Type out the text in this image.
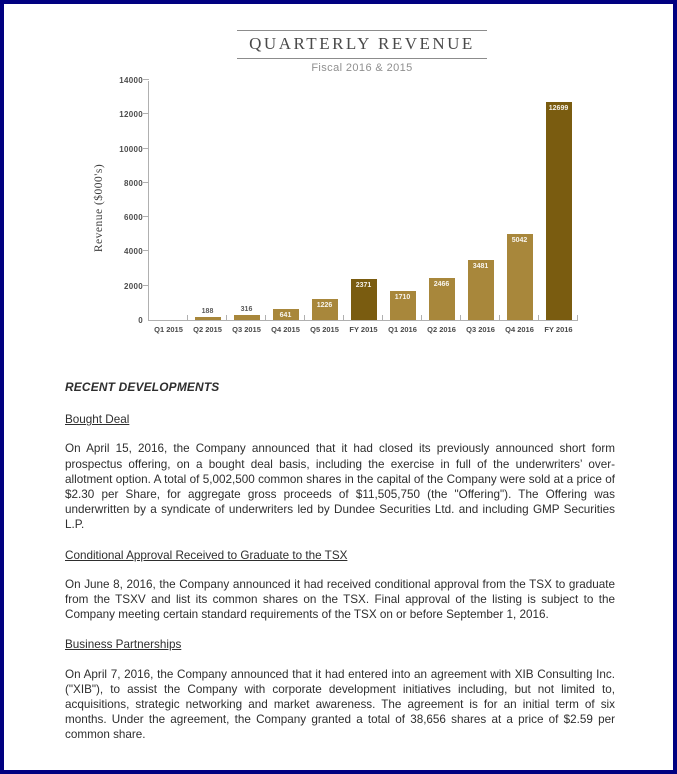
QUARTERLY REVENUE
Fiscal 2016 & 2015
Revenue ($000's)
0
2000
4000
6000
8000
10000
12000
14000
188	316
641
1226
2371
1710
2466
3481
5042
12699
Q1 2015	Q2 2015	Q3 2015	Q4 2015	Q5 2015	FY 2015	Q1 2016	Q2 2016	Q3 2016	Q4 2016	FY 2016
RECENT DEVELOPMENTS
Bought Deal
On April 15, 2016, the Company announced that it had closed its previously announced short form prospectus offering, on a bought deal basis, including the exercise in full of the underwriters’ over-allotment option. A total of 5,002,500 common shares in the capital of the Company were sold at a price of $2.30 per Share, for aggregate gross proceeds of $11,505,750 (the "Offering"). The Offering was underwritten by a syndicate of underwriters led by Dundee Securities Ltd. and including GMP Securities L.P.
Conditional Approval Received to Graduate to the TSX
On June 8, 2016, the Company announced it had received conditional approval from the TSX to graduate from the TSXV and list its common shares on the TSX. Final approval of the listing is subject to the Company meeting certain standard requirements of the TSX on or before September 1, 2016.
Business Partnerships
On April 7, 2016, the Company announced that it had entered into an agreement with XIB Consulting Inc. ("XIB"), to assist the Company with corporate development initiatives including, but not limited to, acquisitions, strategic networking and market awareness. The agreement is for an initial term of six months. Under the agreement, the Company granted a total of 38,656 shares at a price of $2.59 per common share.
